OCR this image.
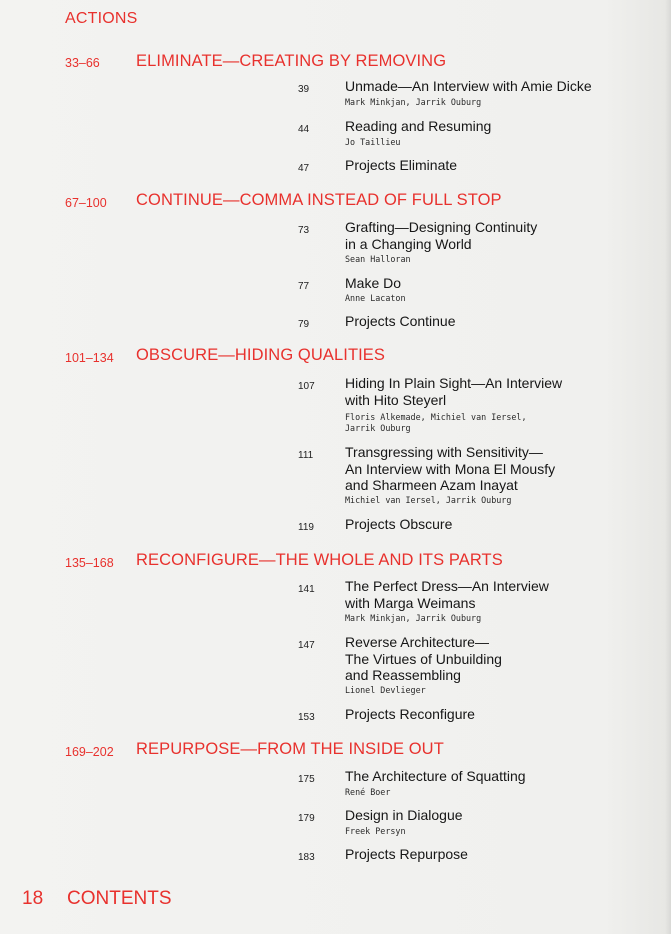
ACTIONS
33–66 ELIMINATE—CREATING BY REMOVING
39	Unmade—An Interview with Amie Dicke
Mark Minkjan, Jarrik Ouburg
44	Reading and Resuming
Jo Taillieu
47	Projects Eliminate
67–100 CONTINUE—COMMA INSTEAD OF FULL STOP
73	Grafting—Designing Continuity
in a Changing World
Sean Halloran
77	Make Do
Anne Lacaton
79	Projects Continue
101–134 OBSCURE—HIDING QUALITIES
107 Hiding In Plain Sight—An Interview
with Hito Steyerl
Floris Alkemade, Michiel van Iersel,
Jarrik Ouburg
111 Transgressing with Sensitivity—
An Interview with Mona El Mousfy
and Sharmeen Azam Inayat
Michiel van Iersel, Jarrik Ouburg
119 Projects Obscure
135–168 RECONFIGURE—THE WHOLE AND ITS PARTS
141 The Perfect Dress—An Interview
with Marga Weimans
Mark Minkjan, Jarrik Ouburg
147 Reverse Architecture—
The Virtues of Unbuilding
and Reassembling
Lionel Devlieger
153 Projects Reconfigure
169–202 REPURPOSE—FROM THE INSIDE OUT
175 The Architecture of Squatting
René Boer
179 Design in Dialogue
Freek Persyn
183 Projects Repurpose
18 CONTENTS
